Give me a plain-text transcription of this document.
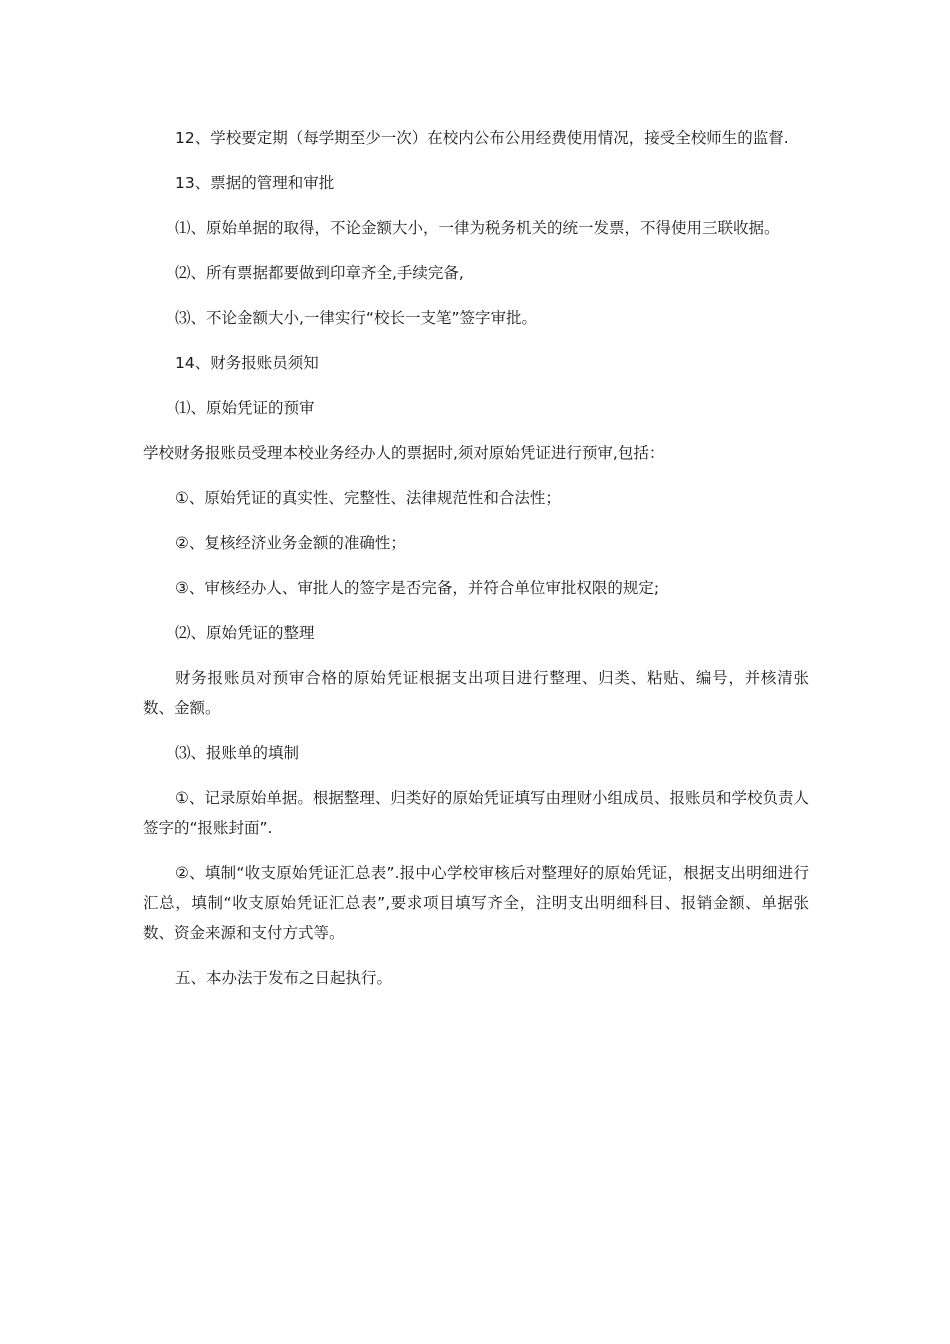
12、学校要定期（每学期至少一次）在校内公布公用经费使用情况，接受全校师生的监督.

13、票据的管理和审批

⑴、原始单据的取得，不论金额大小，一律为税务机关的统一发票，不得使用三联收据。

⑵、所有票据都要做到印章齐全,手续完备,

⑶、不论金额大小,一律实行“校长一支笔”签字审批。

14、财务报账员须知

⑴、原始凭证的预审

学校财务报账员受理本校业务经办人的票据时,须对原始凭证进行预审,包括：

①、原始凭证的真实性、完整性、法律规范性和合法性；

②、复核经济业务金额的准确性；

③、审核经办人、审批人的签字是否完备，并符合单位审批权限的规定;

⑵、原始凭证的整理

财务报账员对预审合格的原始凭证根据支出项目进行整理、归类、粘贴、编号，并核清张数、金额。

⑶、报账单的填制

①、记录原始单据。根据整理、归类好的原始凭证填写由理财小组成员、报账员和学校负责人签字的“报账封面”.

②、填制“收支原始凭证汇总表”.报中心学校审核后对整理好的原始凭证，根据支出明细进行汇总，填制“收支原始凭证汇总表”,要求项目填写齐全，注明支出明细科目、报销金额、单据张数、资金来源和支付方式等。

五、本办法于发布之日起执行。
